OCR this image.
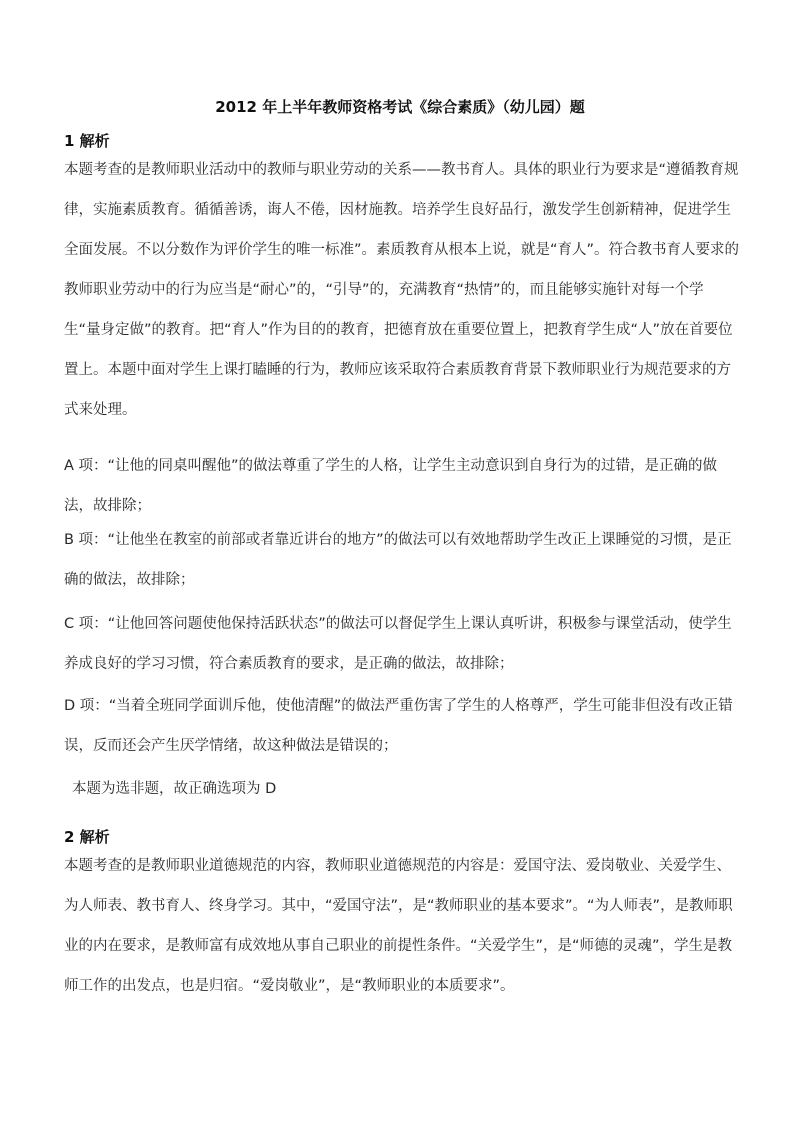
2012 年上半年教师资格考试《综合素质》（幼儿园）题
1 解析
本题考查的是教师职业活动中的教师与职业劳动的关系——教书育人。具体的职业行为要求是“遵循教育规律，实施素质教育。循循善诱，诲人不倦，因材施教。培养学生良好品行，激发学生创新精神，促进学生全面发展。不以分数作为评价学生的唯一标准”。素质教育从根本上说，就是“育人”。符合教书育人要求的教师职业劳动中的行为应当是“耐心”的，“引导”的，充满教育“热情”的，而且能够实施针对每一个学生“量身定做”的教育。把“育人”作为目的的教育，把德育放在重要位置上，把教育学生成“人”放在首要位置上。本题中面对学生上课打瞌睡的行为，教师应该采取符合素质教育背景下教师职业行为规范要求的方式来处理。
A 项：“让他的同桌叫醒他”的做法尊重了学生的人格，让学生主动意识到自身行为的过错，是正确的做法，故排除；
B 项：“让他坐在教室的前部或者靠近讲台的地方”的做法可以有效地帮助学生改正上课睡觉的习惯，是正确的做法，故排除；
C 项：“让他回答问题使他保持活跃状态”的做法可以督促学生上课认真听讲，积极参与课堂活动，使学生养成良好的学习习惯，符合素质教育的要求，是正确的做法，故排除；
D 项：“当着全班同学面训斥他，使他清醒”的做法严重伤害了学生的人格尊严，学生可能非但没有改正错误，反而还会产生厌学情绪，故这种做法是错误的；
本题为选非题，故正确选项为 D
2 解析
本题考查的是教师职业道德规范的内容，教师职业道德规范的内容是：爱国守法、爱岗敬业、关爱学生、为人师表、教书育人、终身学习。其中，“爱国守法”，是“教师职业的基本要求”。“为人师表”，是教师职业的内在要求，是教师富有成效地从事自己职业的前提性条件。“关爱学生”，是“师德的灵魂”，学生是教师工作的出发点，也是归宿。“爱岗敬业”，是“教师职业的本质要求”。
